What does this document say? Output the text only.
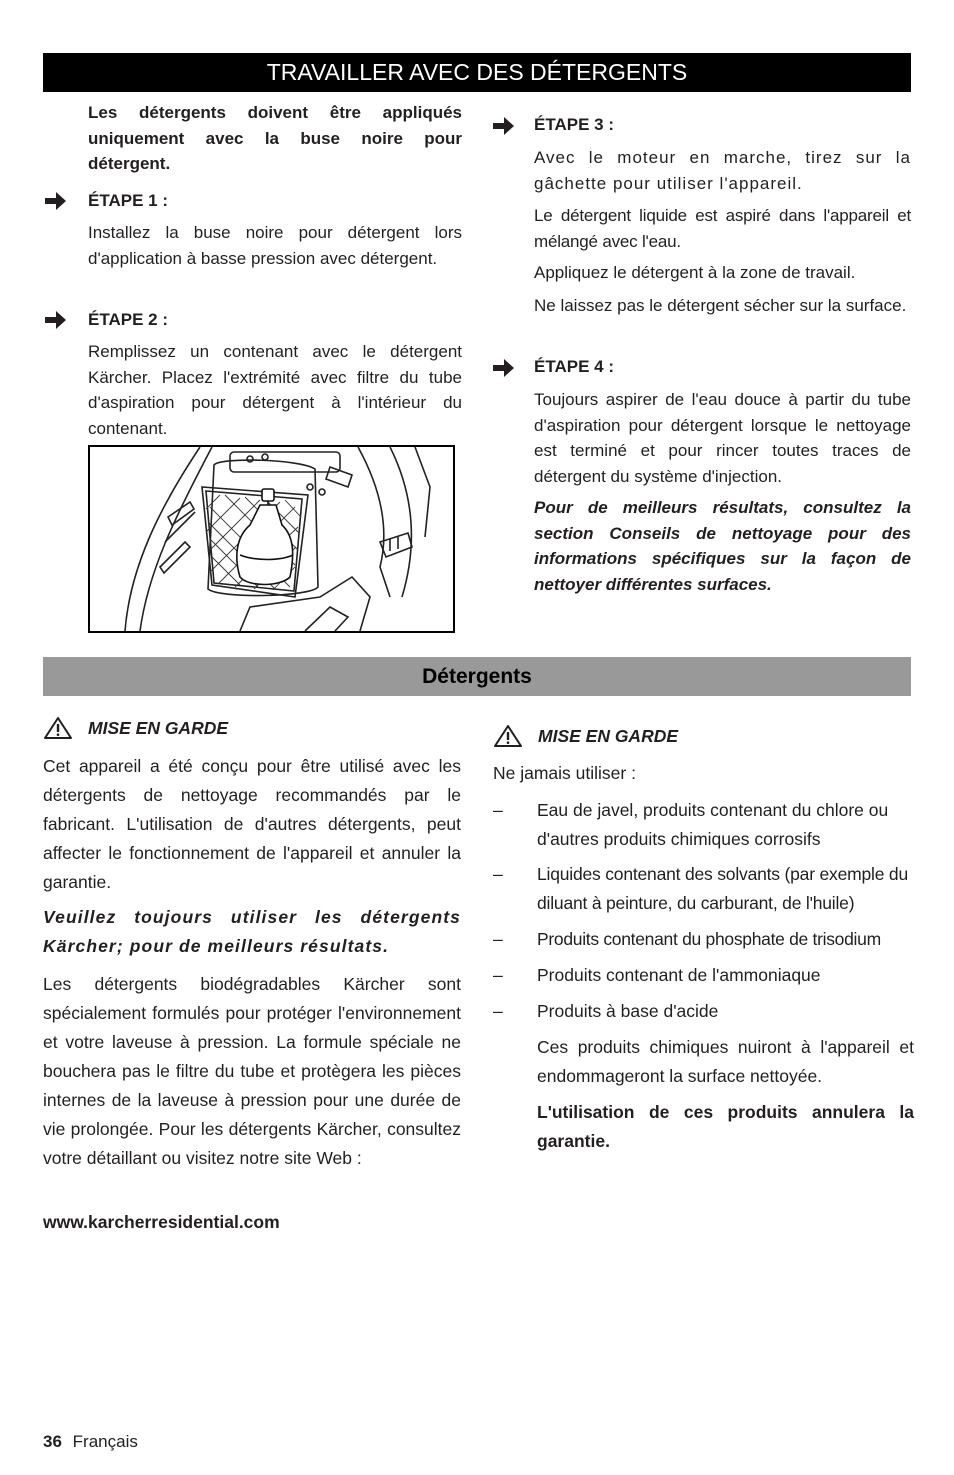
TRAVAILLER AVEC DES DÉTERGENTS
Les détergents doivent être appliqués uniquement avec la buse noire pour détergent.
ÉTAPE 1 :
Installez la buse noire pour détergent lors d'application à basse pression avec détergent.
ÉTAPE 2 :
Remplissez un contenant avec le détergent Kärcher. Placez l'extrémité avec filtre du tube d'aspiration pour détergent à l'intérieur du contenant.
ÉTAPE 3 :
Avec le moteur en marche, tirez sur la gâchette pour utiliser l'appareil.
Le détergent liquide est aspiré dans l'appareil et mélangé avec l'eau.
Appliquez le détergent à la zone de travail.
Ne laissez pas le détergent sécher sur la surface.
ÉTAPE 4 :
Toujours aspirer de l'eau douce à partir du tube d'aspiration pour détergent lorsque le nettoyage est terminé et pour rincer toutes traces de détergent du système d'injection.
Pour de meilleurs résultats, consultez la section Conseils de nettoyage pour des informations spécifiques sur la façon de nettoyer différentes surfaces.
Détergents
MISE EN GARDE
Cet appareil a été conçu pour être utilisé avec les détergents de nettoyage recommandés par le fabricant. L'utilisation de d'autres détergents, peut affecter le fonctionnement de l'appareil et annuler la garantie.
Veuillez toujours utiliser les détergents Kärcher; pour de meilleurs résultats.
Les détergents biodégradables Kärcher sont spécialement formulés pour protéger l'environnement et votre laveuse à pression. La formule spéciale ne bouchera pas le filtre du tube et protègera les pièces internes de la laveuse à pression pour une durée de vie prolongée. Pour les détergents Kärcher, consultez votre détaillant ou visitez notre site Web :
www.karcherresidential.com
MISE EN GARDE
Ne jamais utiliser :
– Eau de javel, produits contenant du chlore ou d'autres produits chimiques corrosifs
– Liquides contenant des solvants (par exemple du diluant à peinture, du carburant, de l'huile)
– Produits contenant du phosphate de trisodium
– Produits contenant de l'ammoniaque
– Produits à base d'acide
Ces produits chimiques nuiront à l'appareil et endommageront la surface nettoyée.
L'utilisation de ces produits annulera la garantie.
36 Français
